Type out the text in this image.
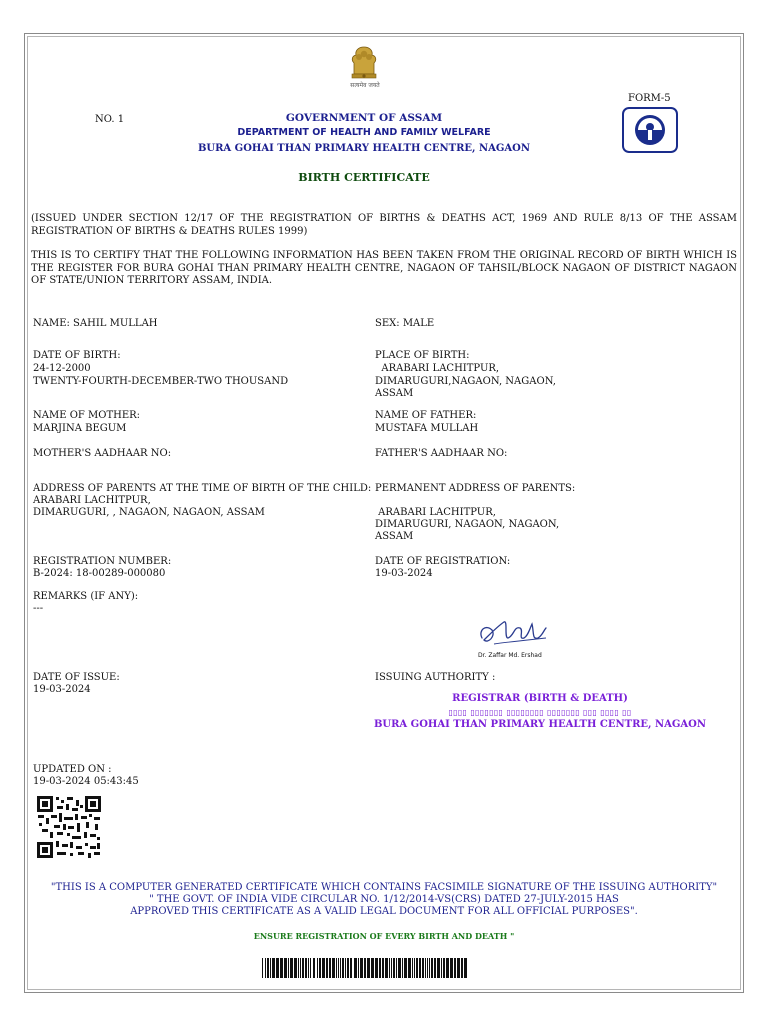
सत्यमेव जयते
FORM-5
NO. 1	GOVERNMENT OF ASSAM
DEPARTMENT OF HEALTH AND FAMILY WELFARE
BURA GOHAI THAN PRIMARY HEALTH CENTRE, NAGAON
BIRTH CERTIFICATE
(ISSUED UNDER SECTION 12/17 OF THE REGISTRATION OF BIRTHS & DEATHS ACT, 1969 AND RULE 8/13 OF THE ASSAM REGISTRATION OF BIRTHS & DEATHS RULES 1999)
THIS IS TO CERTIFY THAT THE FOLLOWING INFORMATION HAS BEEN TAKEN FROM THE ORIGINAL RECORD OF BIRTH WHICH IS THE REGISTER FOR BURA GOHAI THAN PRIMARY HEALTH CENTRE, NAGAON OF TAHSIL/BLOCK NAGAON OF DISTRICT NAGAON OF STATE/UNION TERRITORY ASSAM, INDIA.
NAME: SAHIL MULLAH
DATE OF BIRTH:
24-12-2000
TWENTY-FOURTH-DECEMBER-TWO THOUSAND
NAME OF MOTHER:
MARJINA BEGUM
MOTHER'S AADHAAR NO:
ADDRESS OF PARENTS AT THE TIME OF BIRTH OF THE CHILD:
ARABARI LACHITPUR,
DIMARUGURI, , NAGAON, NAGAON, ASSAM
REGISTRATION NUMBER:
B-2024: 18-00289-000080
REMARKS (IF ANY):
---
DATE OF ISSUE:
19-03-2024
SEX: MALE
PLACE OF BIRTH:
ARABARI LACHITPUR,
DIMARUGURI,NAGAON, NAGAON,
ASSAM
NAME OF FATHER:
MUSTAFA MULLAH
FATHER'S AADHAAR NO:
PERMANENT ADDRESS OF PARENTS:
ARABARI LACHITPUR,
DIMARUGURI, NAGAON, NAGAON,
ASSAM
DATE OF REGISTRATION:
19-03-2024
Dr. Zaffar Md. Ershad
ISSUING AUTHORITY :
REGISTRAR (BIRTH & DEATH)
▯▯▯▯ ▯▯▯▯▯▯▯ ▯▯▯▯▯▯▯▯ ▯▯▯▯▯▯▯ ▯▯▯ ▯▯▯▯ ▯▯
BURA GOHAI THAN PRIMARY HEALTH CENTRE, NAGAON
UPDATED ON :
19-03-2024 05:43:45
"THIS IS A COMPUTER GENERATED CERTIFICATE WHICH CONTAINS FACSIMILE SIGNATURE OF THE ISSUING AUTHORITY"
" THE GOVT. OF INDIA VIDE CIRCULAR NO. 1/12/2014-VS(CRS) DATED 27-JULY-2015 HAS
APPROVED THIS CERTIFICATE AS A VALID LEGAL DOCUMENT FOR ALL OFFICIAL PURPOSES".
ENSURE REGISTRATION OF EVERY BIRTH AND DEATH "
